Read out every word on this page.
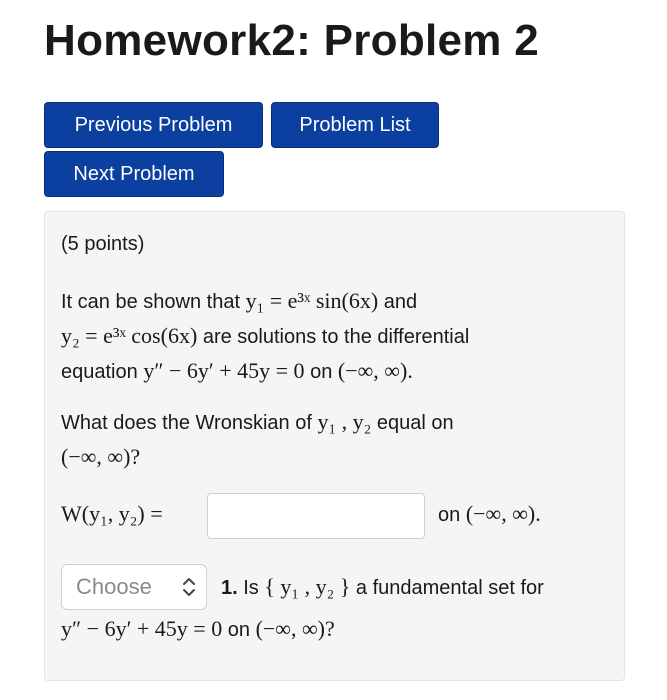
Homework2: Problem 2
Previous Problem	Problem List
Next Problem
(5 points)
It can be shown that y₁ = e³ˣ sin(6x) and
y₂ = e³ˣ cos(6x) are solutions to the differential
equation y″ − 6y′ + 45y = 0 on (−∞, ∞).
What does the Wronskian of y₁ , y₂ equal on
(−∞, ∞)?
W(y₁, y₂) =	on (−∞, ∞).
Choose	1. Is { y₁ , y₂ } a fundamental set for
y″ − 6y′ + 45y = 0 on (−∞, ∞)?
